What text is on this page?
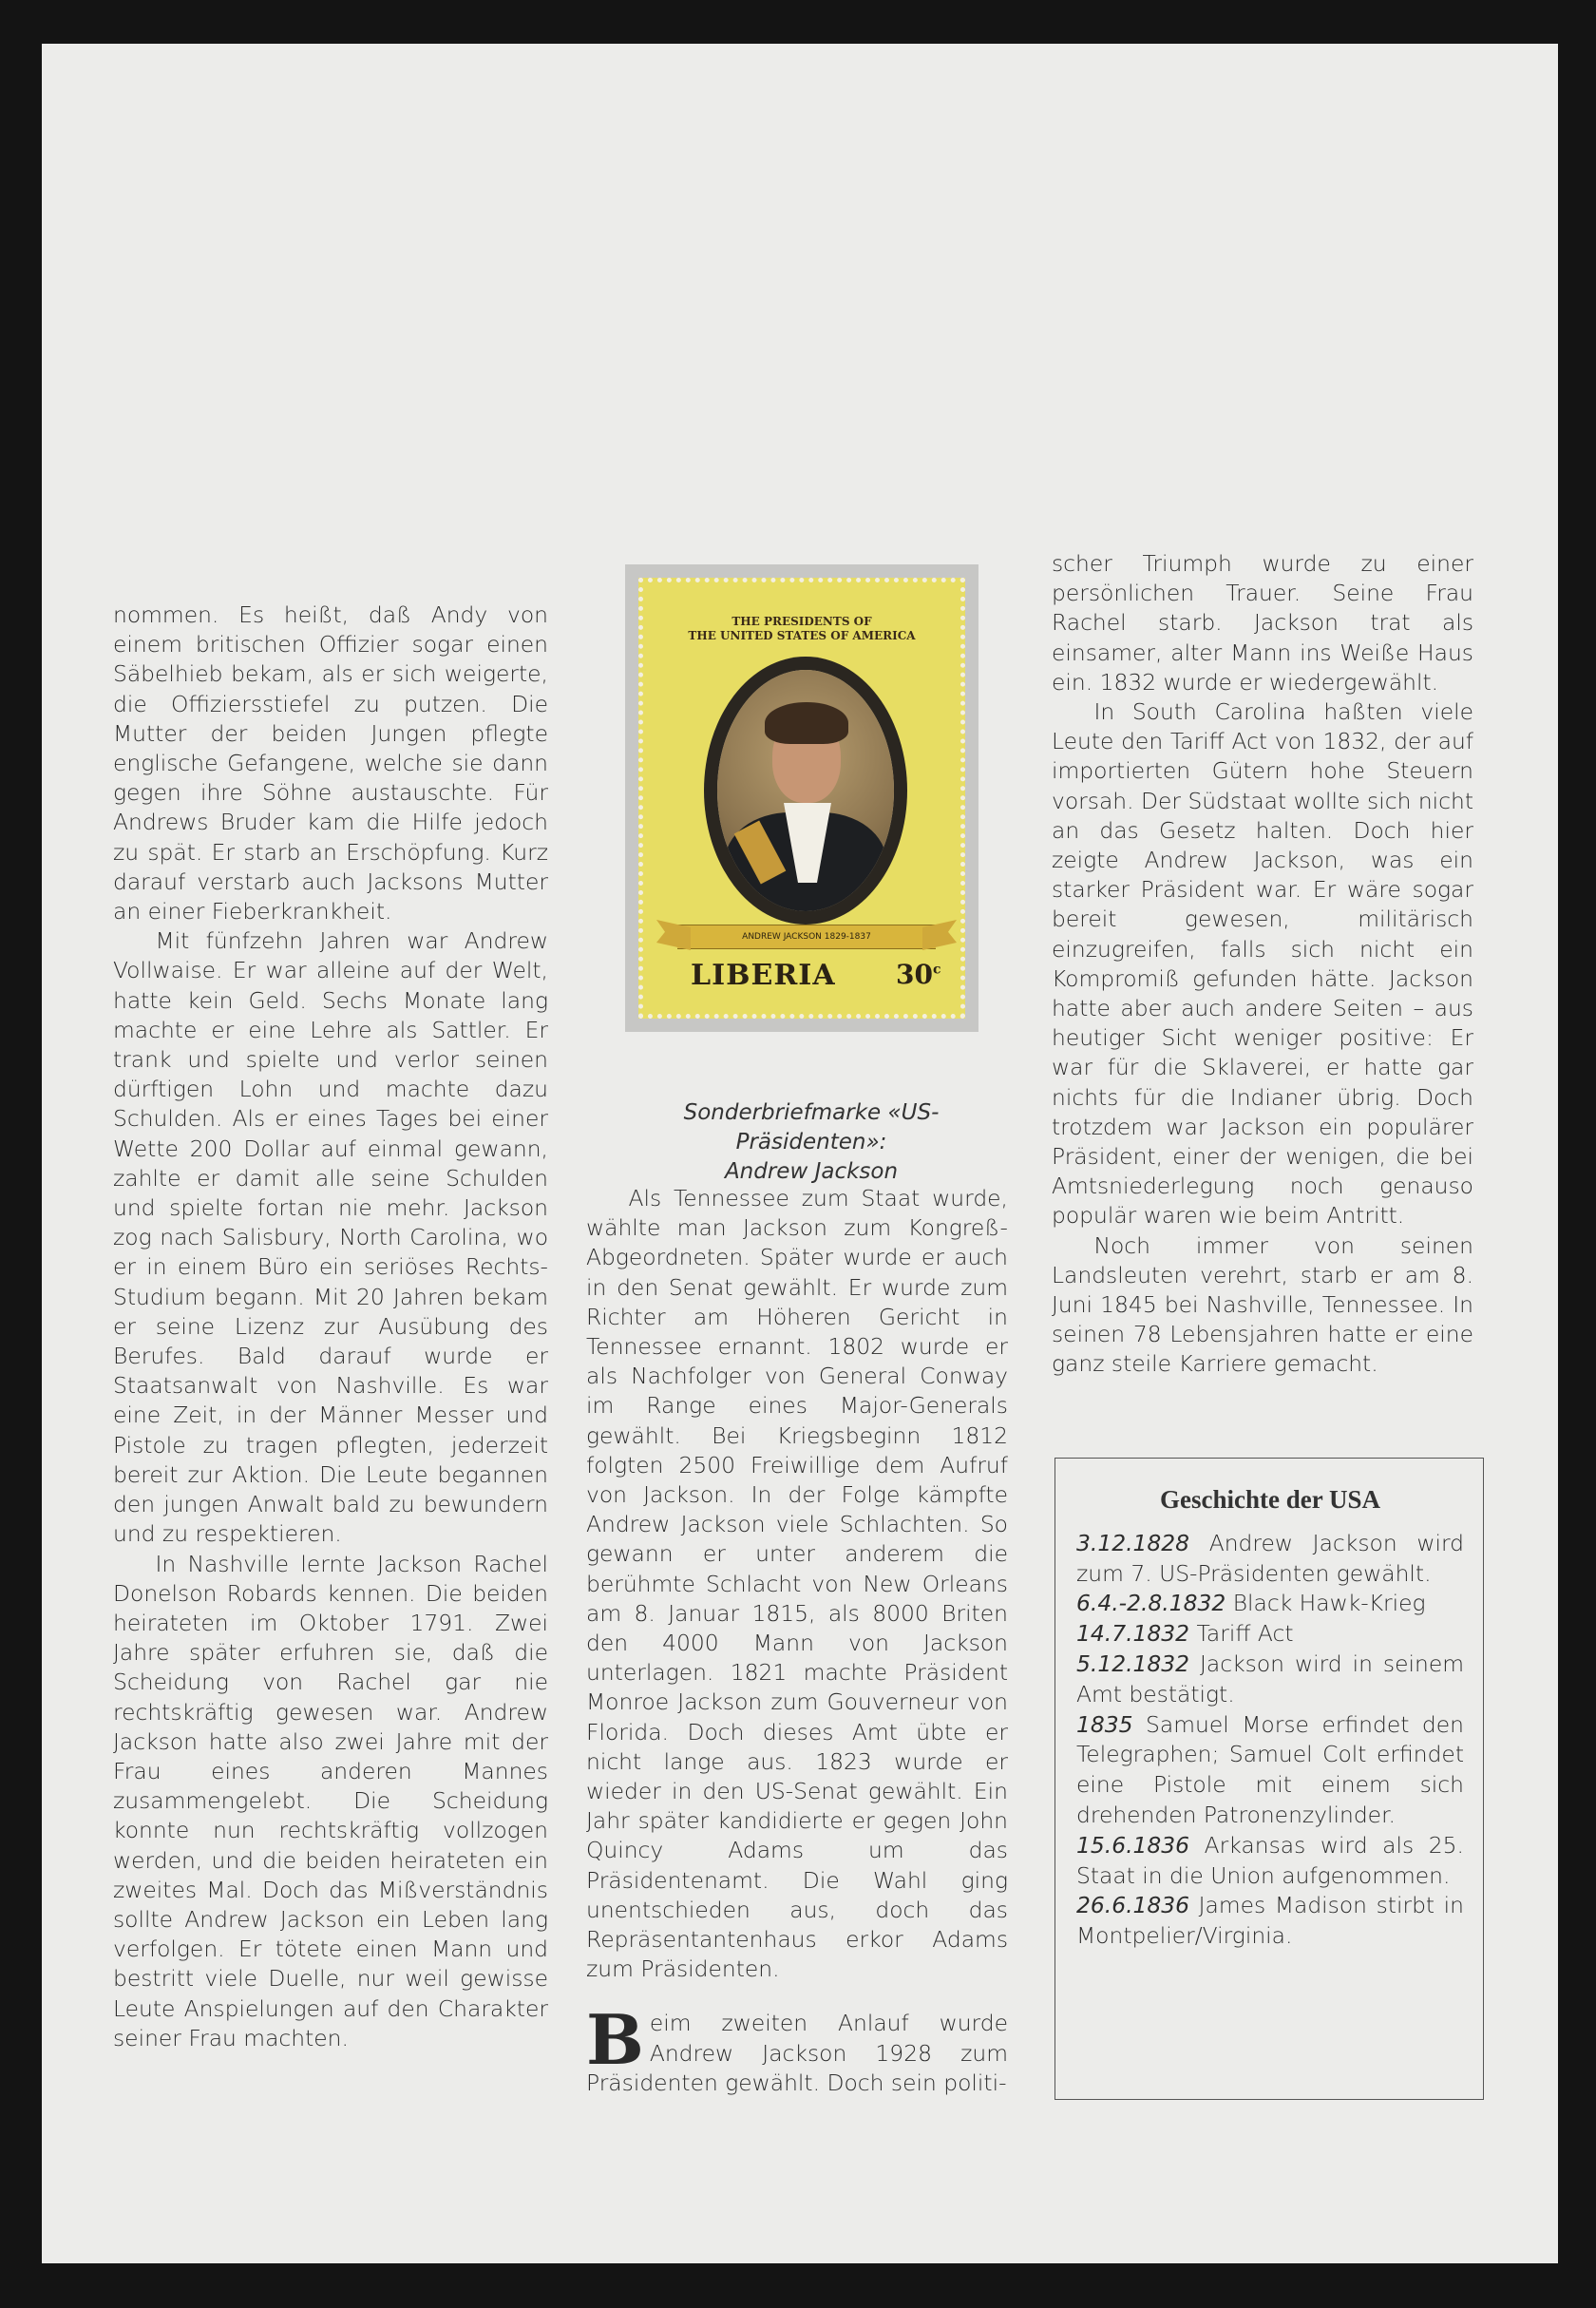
nommen. Es heißt, daß Andy von einem britischen Offizier sogar einen Säbelhieb bekam, als er sich weigerte, die Offiziersstiefel zu putzen. Die Mutter der beiden Jungen pflegte englische Gefangene, welche sie dann gegen ihre Söhne austauschte. Für Andrews Bruder kam die Hilfe jedoch zu spät. Er starb an Erschöpfung. Kurz darauf verstarb auch Jacksons Mutter an einer Fieberkrankheit.

Mit fünfzehn Jahren war Andrew Vollwaise. Er war alleine auf der Welt, hatte kein Geld. Sechs Monate lang machte er eine Lehre als Sattler. Er trank und spielte und verlor seinen dürftigen Lohn und machte dazu Schulden. Als er eines Tages bei einer Wette 200 Dollar auf einmal gewann, zahlte er damit alle seine Schulden und spielte fortan nie mehr. Jackson zog nach Salisbury, North Carolina, wo er in einem Büro ein seriöses Rechts-Studium begann. Mit 20 Jahren bekam er seine Lizenz zur Ausübung des Berufes. Bald darauf wurde er Staatsanwalt von Nashville. Es war eine Zeit, in der Männer Messer und Pistole zu tragen pflegten, jederzeit bereit zur Aktion. Die Leute begannen den jungen Anwalt bald zu bewundern und zu respektieren.

In Nashville lernte Jackson Rachel Donelson Robards kennen. Die beiden heirateten im Oktober 1791. Zwei Jahre später erfuhren sie, daß die Scheidung von Rachel gar nie rechtskräftig gewesen war. Andrew Jackson hatte also zwei Jahre mit der Frau eines anderen Mannes zusammengelebt. Die Scheidung konnte nun rechtskräftig vollzogen werden, und die beiden heirateten ein zweites Mal. Doch das Mißverständnis sollte Andrew Jackson ein Leben lang verfolgen. Er tötete einen Mann und bestritt viele Duelle, nur weil gewisse Leute Anspielungen auf den Charakter seiner Frau machten.

THE PRESIDENTS OF
THE UNITED STATES OF AMERICA
ANDREW JACKSON 1829-1837
LIBERIA 30$^c$
Sonderbriefmarke «US-Präsidenten»:
Andrew Jackson

Als Tennessee zum Staat wurde, wählte man Jackson zum Kongreß-Abgeordneten. Später wurde er auch in den Senat gewählt. Er wurde zum Richter am Höheren Gericht in Tennessee ernannt. 1802 wurde er als Nachfolger von General Conway im Range eines Major-Generals gewählt. Bei Kriegsbeginn 1812 folgten 2500 Freiwillige dem Aufruf von Jackson. In der Folge kämpfte Andrew Jackson viele Schlachten. So gewann er unter anderem die berühmte Schlacht von New Orleans am 8. Januar 1815, als 8000 Briten den 4000 Mann von Jackson unterlagen. 1821 machte Präsident Monroe Jackson zum Gouverneur von Florida. Doch dieses Amt übte er nicht lange aus. 1823 wurde er wieder in den US-Senat gewählt. Ein Jahr später kandidierte er gegen John Quincy Adams um das Präsidentenamt. Die Wahl ging unentschieden aus, doch das Repräsentantenhaus erkor Adams zum Präsidenten.

Beim zweiten Anlauf wurde Andrew Jackson 1928 zum Präsidenten gewählt. Doch sein politi-

scher Triumph wurde zu einer persönlichen Trauer. Seine Frau Rachel starb. Jackson trat als einsamer, alter Mann ins Weiße Haus ein. 1832 wurde er wiedergewählt.

In South Carolina haßten viele Leute den Tariff Act von 1832, der auf importierten Gütern hohe Steuern vorsah. Der Südstaat wollte sich nicht an das Gesetz halten. Doch hier zeigte Andrew Jackson, was ein starker Präsident war. Er wäre sogar bereit gewesen, militärisch einzugreifen, falls sich nicht ein Kompromiß gefunden hätte. Jackson hatte aber auch andere Seiten – aus heutiger Sicht weniger positive: Er war für die Sklaverei, er hatte gar nichts für die Indianer übrig. Doch trotzdem war Jackson ein populärer Präsident, einer der wenigen, die bei Amtsniederlegung noch genauso populär waren wie beim Antritt.

Noch immer von seinen Landsleuten verehrt, starb er am 8. Juni 1845 bei Nashville, Tennessee. In seinen 78 Lebensjahren hatte er eine ganz steile Karriere gemacht.

Geschichte der USA

3.12.1828 Andrew Jackson wird zum 7. US-Präsidenten gewählt.

6.4.-2.8.1832 Black Hawk-Krieg

14.7.1832 Tariff Act

5.12.1832 Jackson wird in seinem Amt bestätigt.

1835 Samuel Morse erfindet den Telegraphen; Samuel Colt erfindet eine Pistole mit einem sich drehenden Patronenzylinder.

15.6.1836 Arkansas wird als 25. Staat in die Union aufgenommen.

26.6.1836 James Madison stirbt in Montpelier/Virginia.
